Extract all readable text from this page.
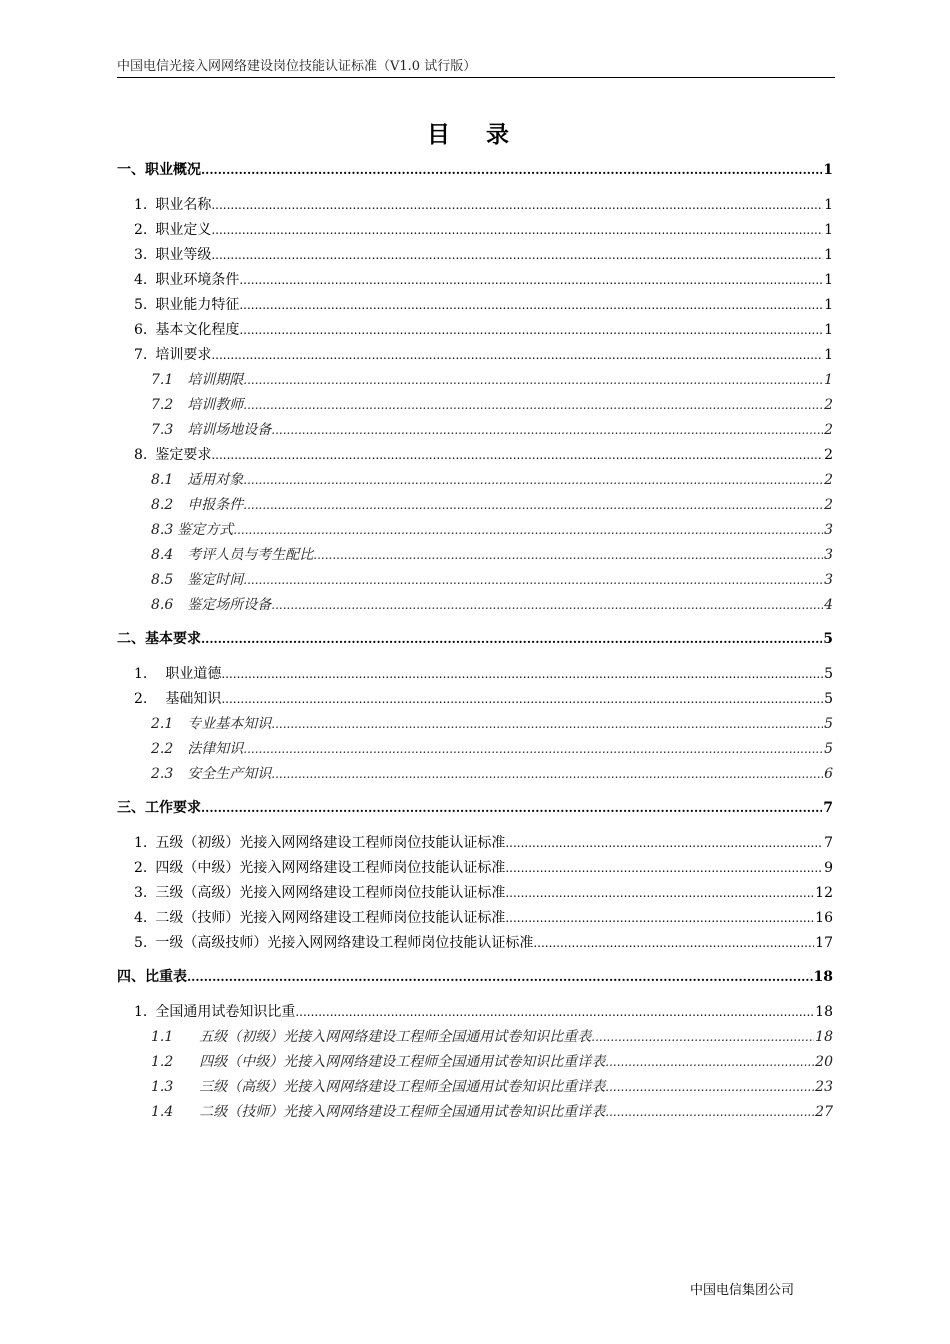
中国电信光接入网网络建设岗位技能认证标准（V1.0 试行版）
目 录
一、职业概况 .....	1
1. 职业名称 .....	1
2. 职业定义 .....	1
3. 职业等级 .....	1
4. 职业环境条件 .....	1
5. 职业能力特征 .....	1
6. 基本文化程度 .....	1
7. 培训要求 .....	1
7.1	培训期限 .....	1
7.2	培训教师 .....	2
7.3	培训场地设备 .....	2
8. 鉴定要求 .....	2
8.1	适用对象 .....	2
8.2	申报条件 .....	2
8.3 鉴定方式 .....	3
8.4	考评人员与考生配比 .....	3
8.5	鉴定时间 .....	3
8.6	鉴定场所设备 .....	4
二、基本要求 .....	5
1.	职业道德 .....	5
2.	基础知识 .....	5
2.1	专业基本知识 .....	5
2.2	法律知识 .....	5
2.3	安全生产知识 .....	6
三、工作要求 .....	7
1. 五级（初级）光接入网网络建设工程师岗位技能认证标准 .....	7
2. 四级（中级）光接入网网络建设工程师岗位技能认证标准 .....	9
3. 三级（高级）光接入网网络建设工程师岗位技能认证标准 .....	12
4. 二级（技师）光接入网网络建设工程师岗位技能认证标准 .....	16
5. 一级（高级技师）光接入网网络建设工程师岗位技能认证标准 .....	17
四、比重表 .....	18
1. 全国通用试卷知识比重 .....	18
1.1	五级（初级）光接入网网络建设工程师全国通用试卷知识比重表 .....	18
1.2	四级（中级）光接入网网络建设工程师全国通用试卷知识比重详表 .....	20
1.3	三级（高级）光接入网网络建设工程师全国通用试卷知识比重详表 .....	23
1.4	二级（技师）光接入网网络建设工程师全国通用试卷知识比重详表 .....	27
中国电信集团公司
